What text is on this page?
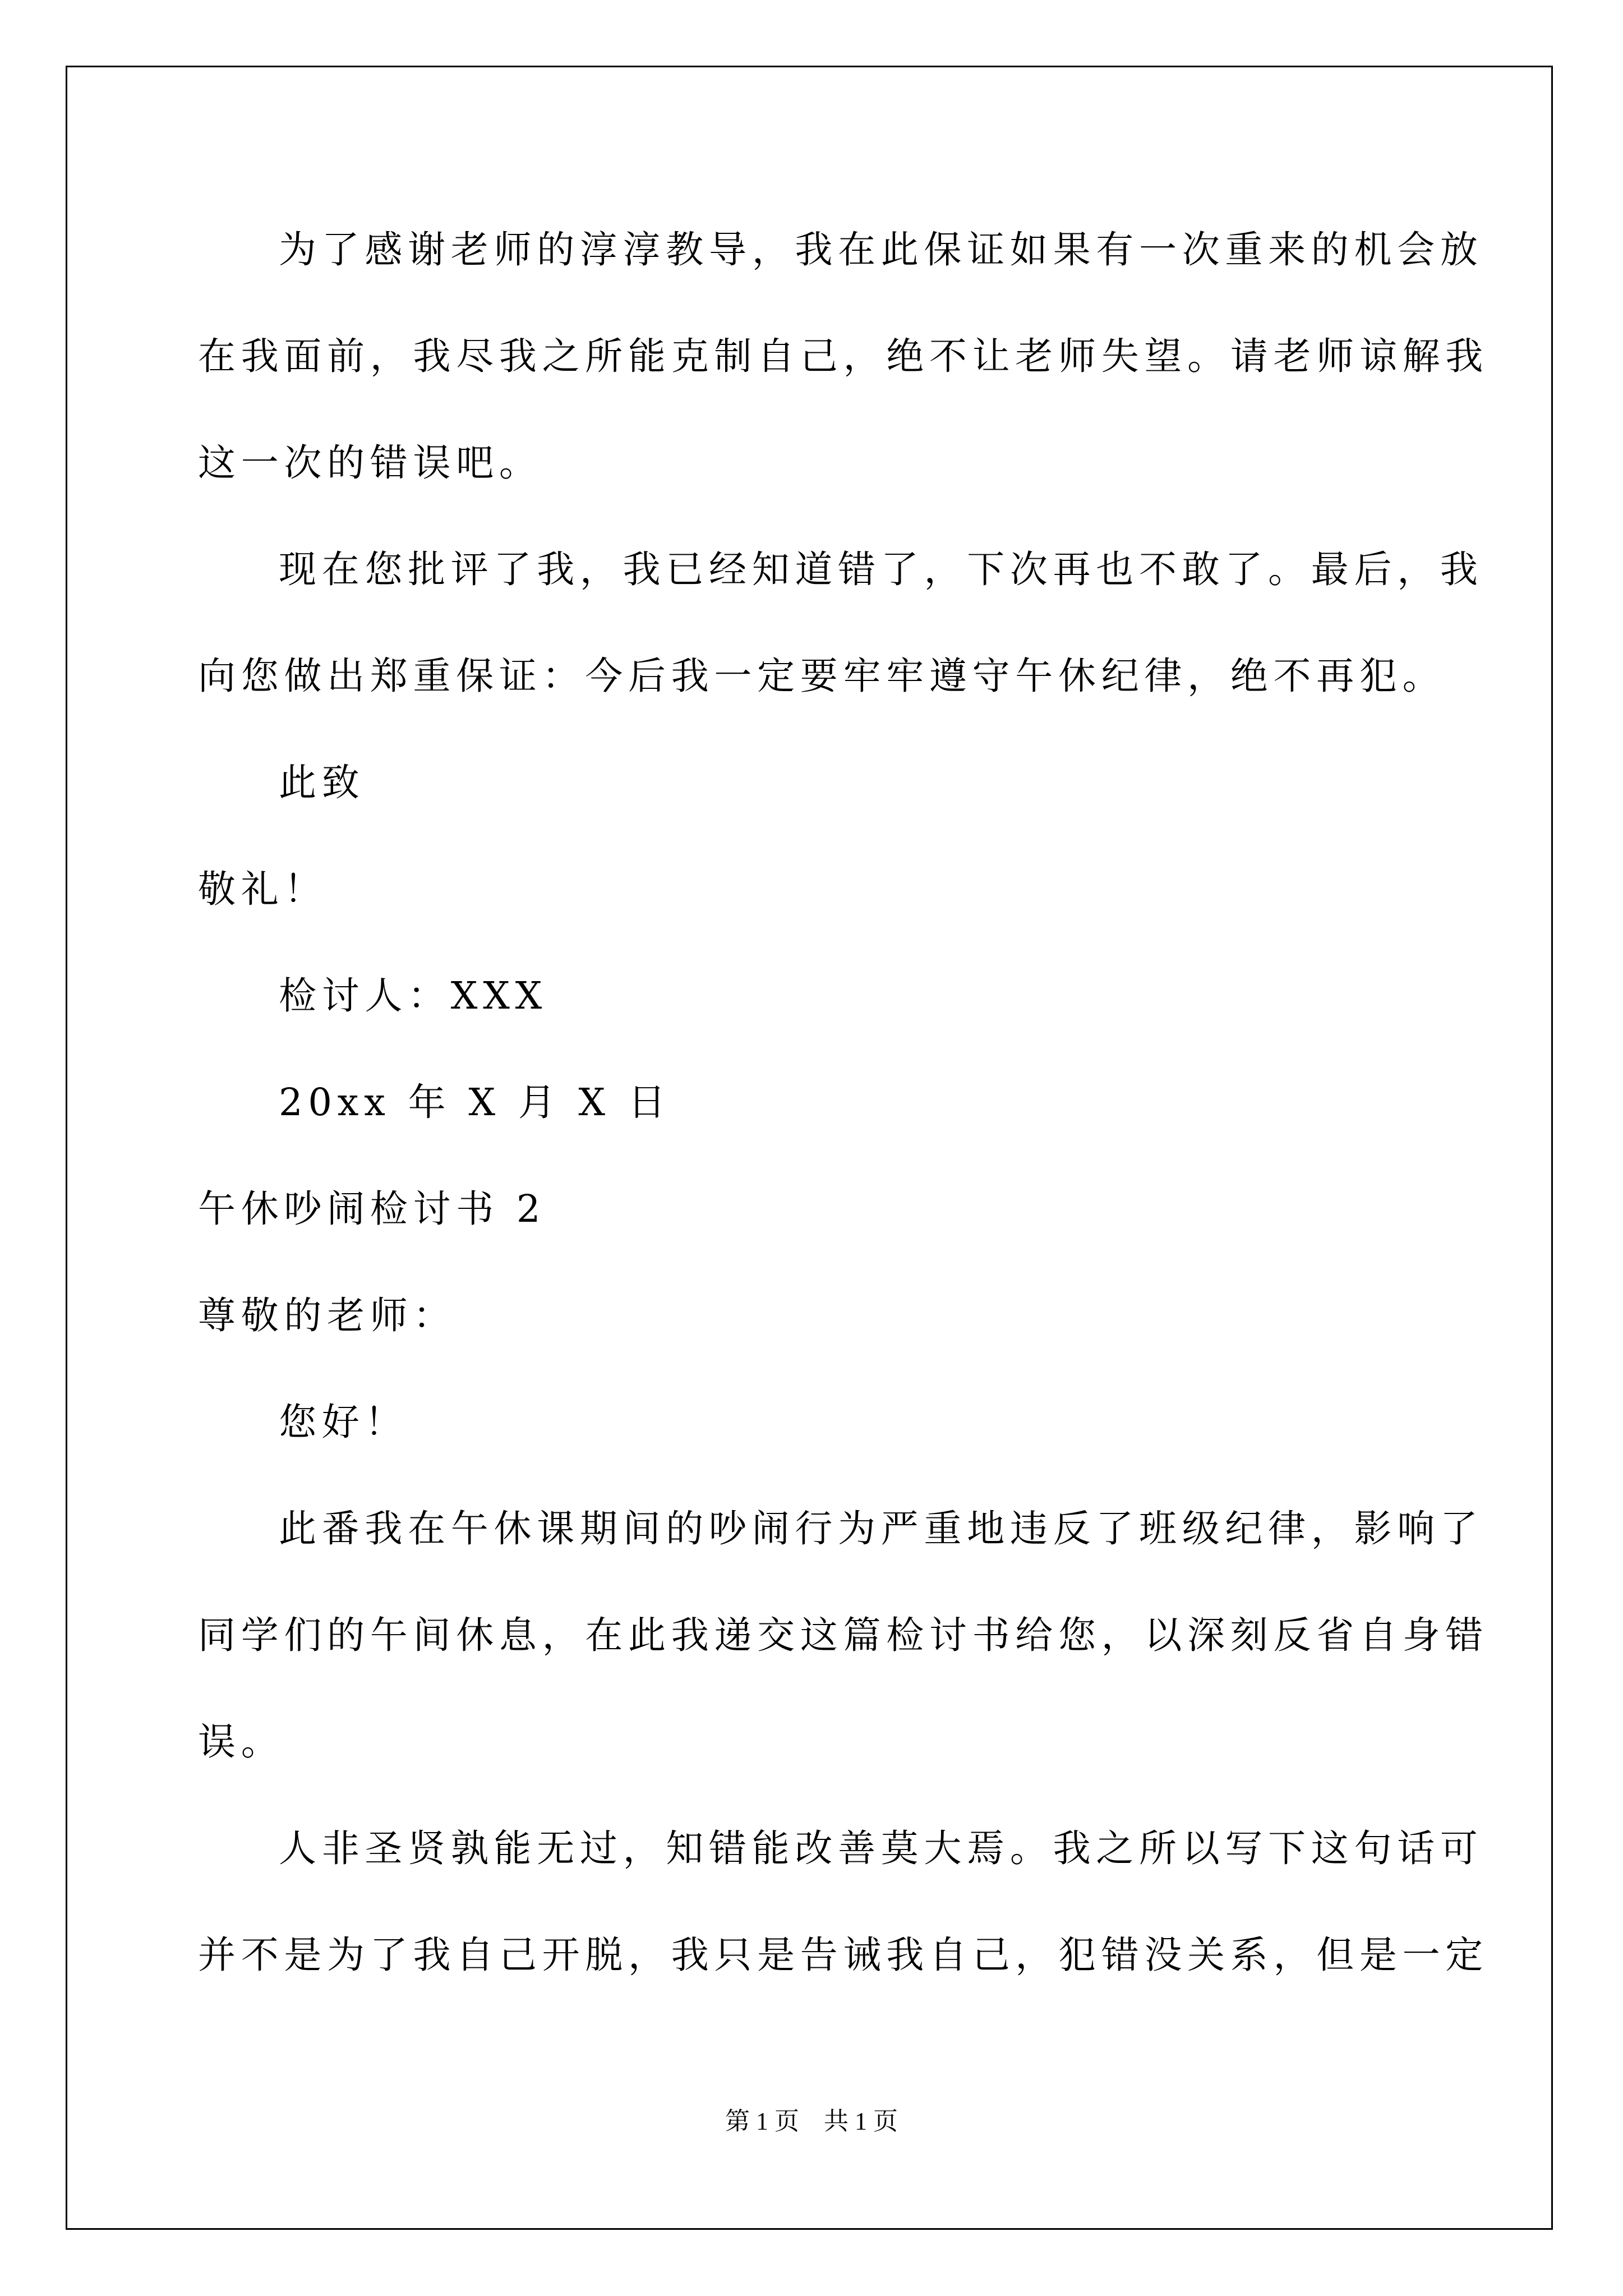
为了感谢老师的淳淳教导，我在此保证如果有一次重来的机会放
在我面前，我尽我之所能克制自己，绝不让老师失望。请老师谅解我
这一次的错误吧。
现在您批评了我，我已经知道错了，下次再也不敢了。最后，我
向您做出郑重保证：今后我一定要牢牢遵守午休纪律，绝不再犯。
此致
敬礼！
检讨人：XXX
20xx 年 X 月 X 日
午休吵闹检讨书 2
尊敬的老师：
您好！
此番我在午休课期间的吵闹行为严重地违反了班级纪律，影响了
同学们的午间休息，在此我递交这篇检讨书给您，以深刻反省自身错
误。
人非圣贤孰能无过，知错能改善莫大焉。我之所以写下这句话可
并不是为了我自己开脱，我只是告诫我自己，犯错没关系，但是一定
第 1 页　共 1 页
